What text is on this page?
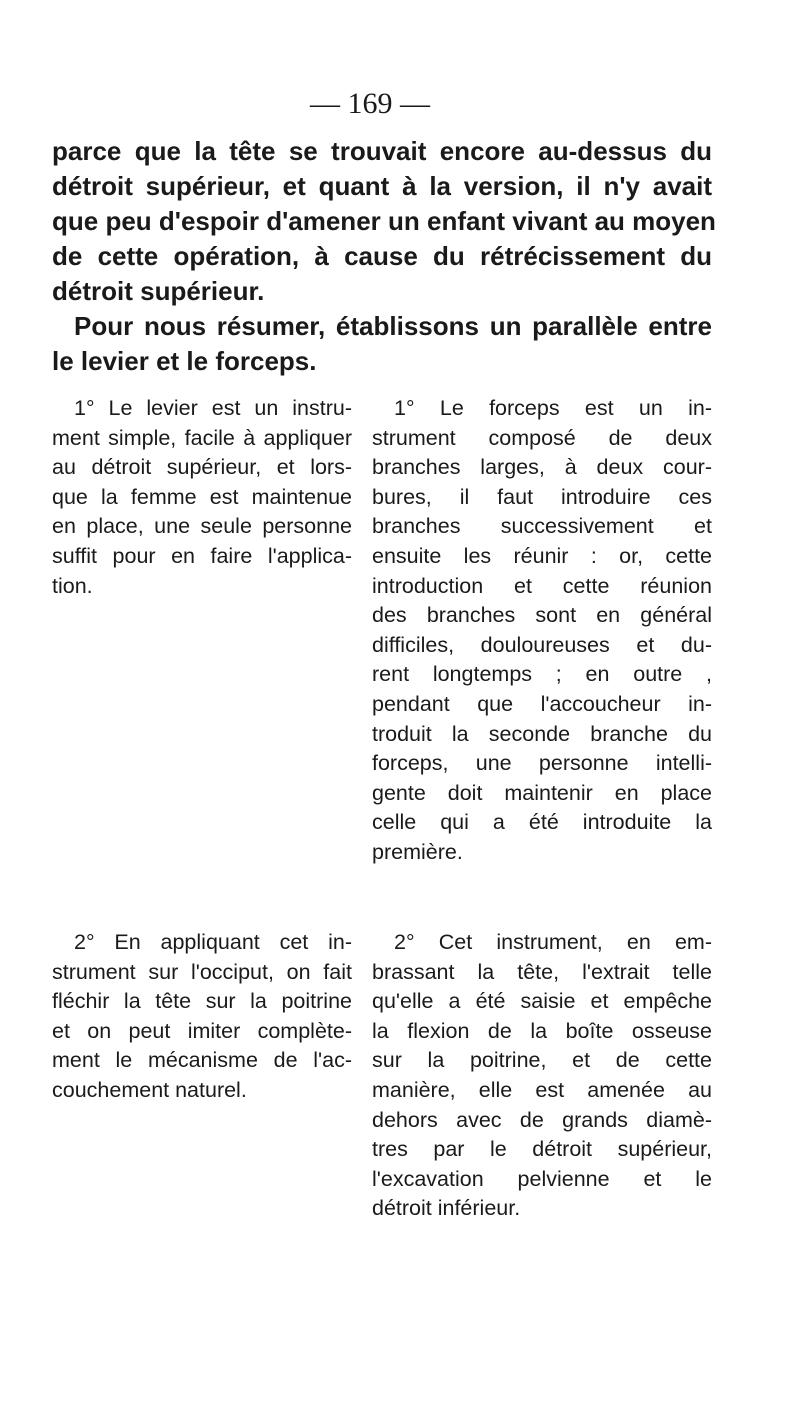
— 169 —

parce que la tête se trouvait encore au-dessus du
détroit supérieur, et quant à la version, il n'y avait
que peu d'espoir d'amener un enfant vivant au moyen
de cette opération, à cause du rétrécissement du
détroit supérieur.
Pour nous résumer, établissons un parallèle entre
le levier et le forceps.

1° Le levier est un instru-
ment simple, facile à appliquer
au détroit supérieur, et lors-
que la femme est maintenue
en place, une seule personne
suffit pour en faire l'applica-
tion.

1° Le forceps est un in-
strument composé de deux
branches larges, à deux cour-
bures, il faut introduire ces
branches successivement et
ensuite les réunir : or, cette
introduction et cette réunion
des branches sont en général
difficiles, douloureuses et du-
rent longtemps ; en outre ,
pendant que l'accoucheur in-
troduit la seconde branche du
forceps, une personne intelli-
gente doit maintenir en place
celle qui a été introduite la
première.

2° En appliquant cet in-
strument sur l'occiput, on fait
fléchir la tête sur la poitrine
et on peut imiter complète-
ment le mécanisme de l'ac-
couchement naturel.

2° Cet instrument, en em-
brassant la tête, l'extrait telle
qu'elle a été saisie et empêche
la flexion de la boîte osseuse
sur la poitrine, et de cette
manière, elle est amenée au
dehors avec de grands diamè-
tres par le détroit supérieur,
l'excavation pelvienne et le
détroit inférieur.
